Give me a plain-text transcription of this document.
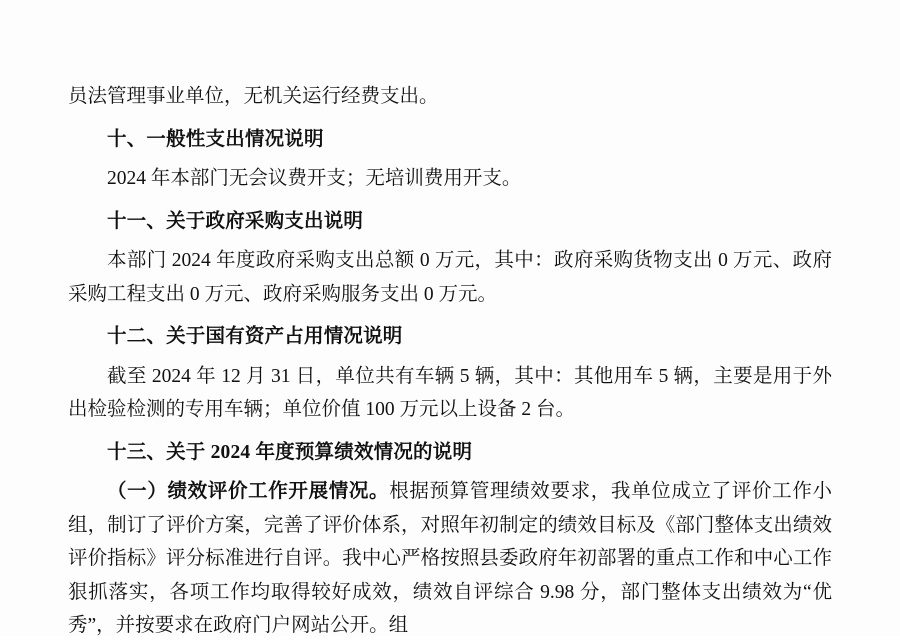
员法管理事业单位，无机关运行经费支出。

十、一般性支出情况说明

2024 年本部门无会议费开支；无培训费用开支。

十一、关于政府采购支出说明

本部门 2024 年度政府采购支出总额 0 万元，其中：政府采购货物支出 0 万元、政府采购工程支出 0 万元、政府采购服务支出 0 万元。

十二、关于国有资产占用情况说明

截至 2024 年 12 月 31 日，单位共有车辆 5 辆，其中：其他用车 5 辆，主要是用于外出检验检测的专用车辆；单位价值 100 万元以上设备 2 台。

十三、关于 2024 年度预算绩效情况的说明

（一）绩效评价工作开展情况。根据预算管理绩效要求，我单位成立了评价工作小组，制订了评价方案，完善了评价体系，对照年初制定的绩效目标及《部门整体支出绩效评价指标》评分标准进行自评。我中心严格按照县委政府年初部署的重点工作和中心工作狠抓落实，各项工作均取得较好成效，绩效自评综合 9.98 分，部门整体支出绩效为“优秀”，并按要求在政府门户网站公开。组
